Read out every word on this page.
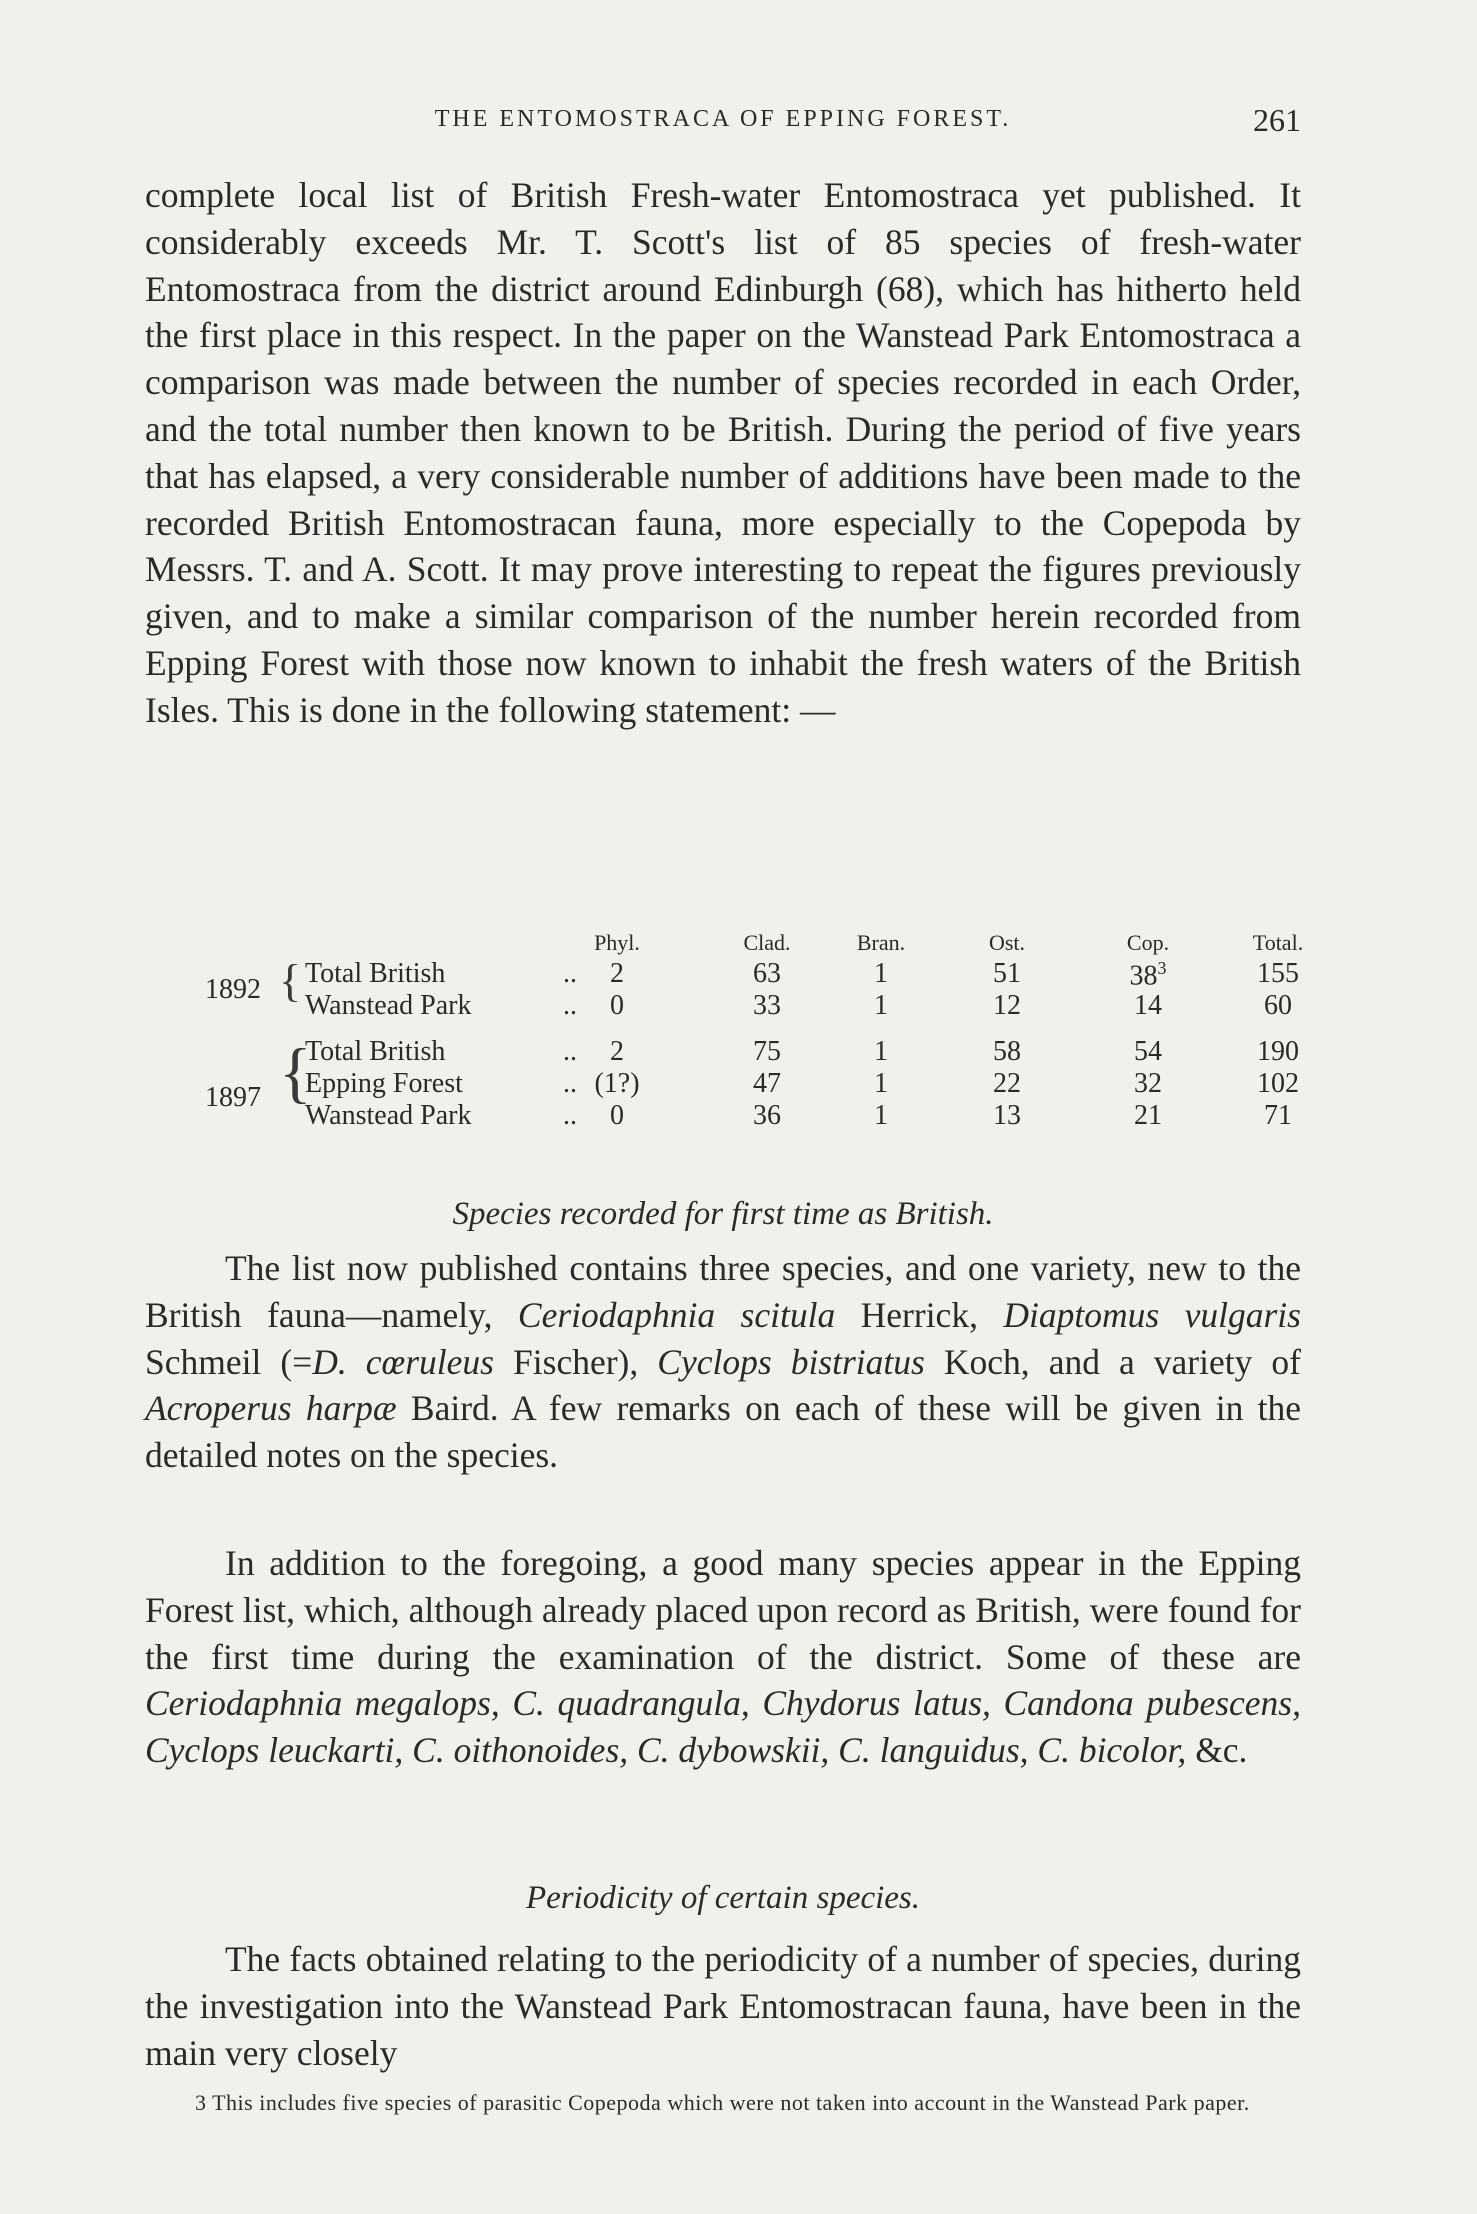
THE ENTOMOSTRACA OF EPPING FOREST.	261

complete local list of British Fresh-water Entomostraca yet published. It considerably exceeds Mr. T. Scott's list of 85 species of fresh-water Entomostraca from the district around Edinburgh (68), which has hitherto held the first place in this respect. In the paper on the Wanstead Park Entomostraca a comparison was made between the number of species recorded in each Order, and the total number then known to be British. During the period of five years that has elapsed, a very considerable number of additions have been made to the recorded British Entomostracan fauna, more especially to the Copepoda by Messrs. T. and A. Scott. It may prove interesting to repeat the figures previously given, and to make a similar comparison of the number herein recorded from Epping Forest with those now known to inhabit the fresh waters of the British Isles. This is done in the following statement: —

Phyl.	Clad.	Bran.	Ost.	Cop.	Total.
1892 { Total British	.. 2	63	1	51	$38^3$	155
Wanstead Park	.. 0	33	1	12	14	60
1897 {
Total British	.. 2	75	1	58	54	190
Epping Forest	.. (1?)	47	1	22	32	102
Wanstead Park	.. 0	36	1	13	21	71
Species recorded for first time as British.

The list now published contains three species, and one variety, new to the British fauna—namely, Ceriodaphnia scitula Herrick, Diaptomus vulgaris Schmeil (=D. cœruleus Fischer), Cyclops bistriatus Koch, and a variety of Acroperus harpæ Baird. A few remarks on each of these will be given in the detailed notes on the species.

In addition to the foregoing, a good many species appear in the Epping Forest list, which, although already placed upon record as British, were found for the first time during the examination of the district. Some of these are Ceriodaphnia megalops, C. quadrangula, Chydorus latus, Candona pubescens, Cyclops leuckarti, C. oithonoides, C. dybowskii, C. languidus, C. bicolor, &c.

Periodicity of certain species.

The facts obtained relating to the periodicity of a number of species, during the investigation into the Wanstead Park Entomostracan fauna, have been in the main very closely

3 This includes five species of parasitic Copepoda which were not taken into account in the Wanstead Park paper.
